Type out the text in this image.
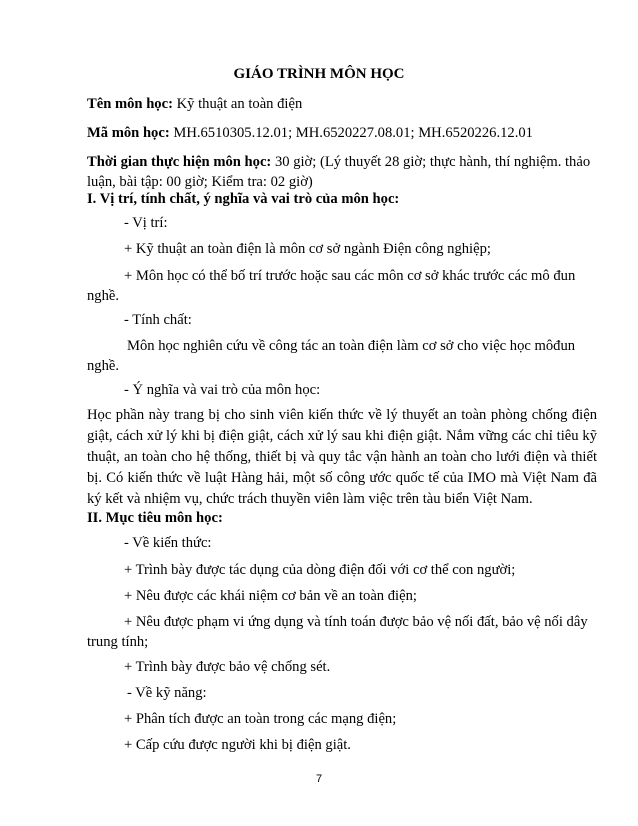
GIÁO TRÌNH MÔN HỌC
Tên môn học: Kỹ thuật an toàn điện
Mã môn học: MH.6510305.12.01; MH.6520227.08.01; MH.6520226.12.01
Thời gian thực hiện môn học: 30 giờ; (Lý thuyết 28 giờ; thực hành, thí nghiệm. thảo
luận, bài tập: 00 giờ; Kiểm tra: 02 giờ)
I. Vị trí, tính chất, ý nghĩa và vai trò của môn học:
- Vị trí:
+ Kỹ thuật an toàn điện là môn cơ sở ngành Điện công nghiệp;
+ Môn học có thể bố trí trước hoặc sau các môn cơ sở khác trước các mô đun
nghề.
- Tính chất:
Môn học nghiên cứu về công tác an toàn điện làm cơ sở cho việc học môđun
nghề.
- Ý nghĩa và vai trò của môn học:
Học phần này trang bị cho sinh viên kiến thức về lý thuyết an toàn phòng chống điện giật, cách xử lý khi bị điện giật, cách xử lý sau khi điện giật. Nắm vững các chỉ tiêu kỹ thuật, an toàn cho hệ thống, thiết bị và quy tắc vận hành an toàn cho lưới điện và thiết bị. Có kiến thức về luật Hàng hải, một số công ước quốc tế của IMO mà Việt Nam đã ký kết và nhiệm vụ, chức trách thuyền viên làm việc trên tàu biển Việt Nam.
II. Mục tiêu môn học:
- Về kiến thức:
+ Trình bày được tác dụng của dòng điện đối với cơ thể con người;
+ Nêu được các khái niệm cơ bản về an toàn điện;
+ Nêu được phạm vi ứng dụng và tính toán được bảo vệ nối đất, bảo vệ nối dây
trung tính;
+ Trình bày được bảo vệ chống sét.
- Về kỹ năng:
+ Phân tích được an toàn trong các mạng điện;
+ Cấp cứu được người khi bị điện giật.
7
